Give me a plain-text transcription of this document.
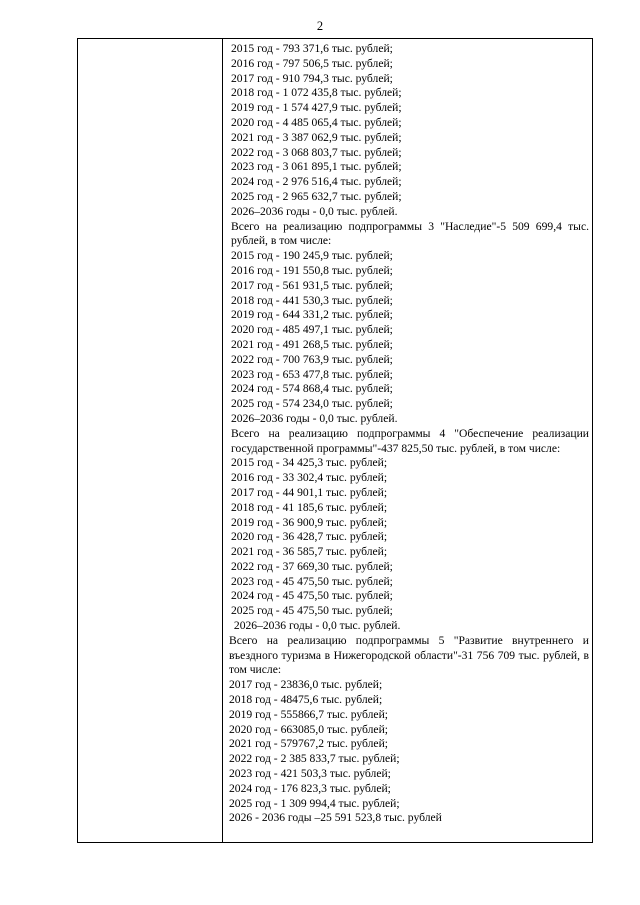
2
2015 год - 793 371,6 тыс. рублей;
2016 год - 797 506,5 тыс. рублей;
2017 год - 910 794,3 тыс. рублей;
2018 год - 1 072 435,8 тыс. рублей;
2019 год - 1 574 427,9 тыс. рублей;
2020 год - 4 485 065,4 тыс. рублей;
2021 год - 3 387 062,9 тыс. рублей;
2022 год - 3 068 803,7 тыс. рублей;
2023 год - 3 061 895,1 тыс. рублей;
2024 год - 2 976 516,4 тыс. рублей;
2025 год - 2 965 632,7 тыс. рублей;
2026–2036 годы - 0,0 тыс. рублей.
Всего на реализацию подпрограммы 3 "Наследие"-5 509 699,4 тыс. рублей, в том числе:
2015 год - 190 245,9 тыс. рублей;
2016 год - 191 550,8 тыс. рублей;
2017 год - 561 931,5 тыс. рублей;
2018 год - 441 530,3 тыс. рублей;
2019 год - 644 331,2 тыс. рублей;
2020 год - 485 497,1 тыс. рублей;
2021 год - 491 268,5 тыс. рублей;
2022 год - 700 763,9 тыс. рублей;
2023 год - 653 477,8 тыс. рублей;
2024 год - 574 868,4 тыс. рублей;
2025 год - 574 234,0 тыс. рублей;
2026–2036 годы - 0,0 тыс. рублей.
Всего на реализацию подпрограммы 4 "Обеспечение реализации государственной программы"-437 825,50 тыс. рублей, в том числе:
2015 год - 34 425,3 тыс. рублей;
2016 год - 33 302,4 тыс. рублей;
2017 год - 44 901,1 тыс. рублей;
2018 год - 41 185,6 тыс. рублей;
2019 год - 36 900,9 тыс. рублей;
2020 год - 36 428,7 тыс. рублей;
2021 год - 36 585,7 тыс. рублей;
2022 год - 37 669,30 тыс. рублей;
2023 год - 45 475,50 тыс. рублей;
2024 год - 45 475,50 тыс. рублей;
2025 год - 45 475,50 тыс. рублей;
2026–2036 годы - 0,0 тыс. рублей.
Всего на реализацию подпрограммы 5 "Развитие внутреннего и въездного туризма в Нижегородской области"-31 756 709 тыс. рублей, в том числе:
2017 год - 23836,0 тыс. рублей;
2018 год - 48475,6 тыс. рублей;
2019 год - 555866,7 тыс. рублей;
2020 год - 663085,0 тыс. рублей;
2021 год - 579767,2 тыс. рублей;
2022 год - 2 385 833,7 тыс. рублей;
2023 год - 421 503,3 тыс. рублей;
2024 год - 176 823,3 тыс. рублей;
2025 год - 1 309 994,4 тыс. рублей;
2026 - 2036 годы –25 591 523,8 тыс. рублей
